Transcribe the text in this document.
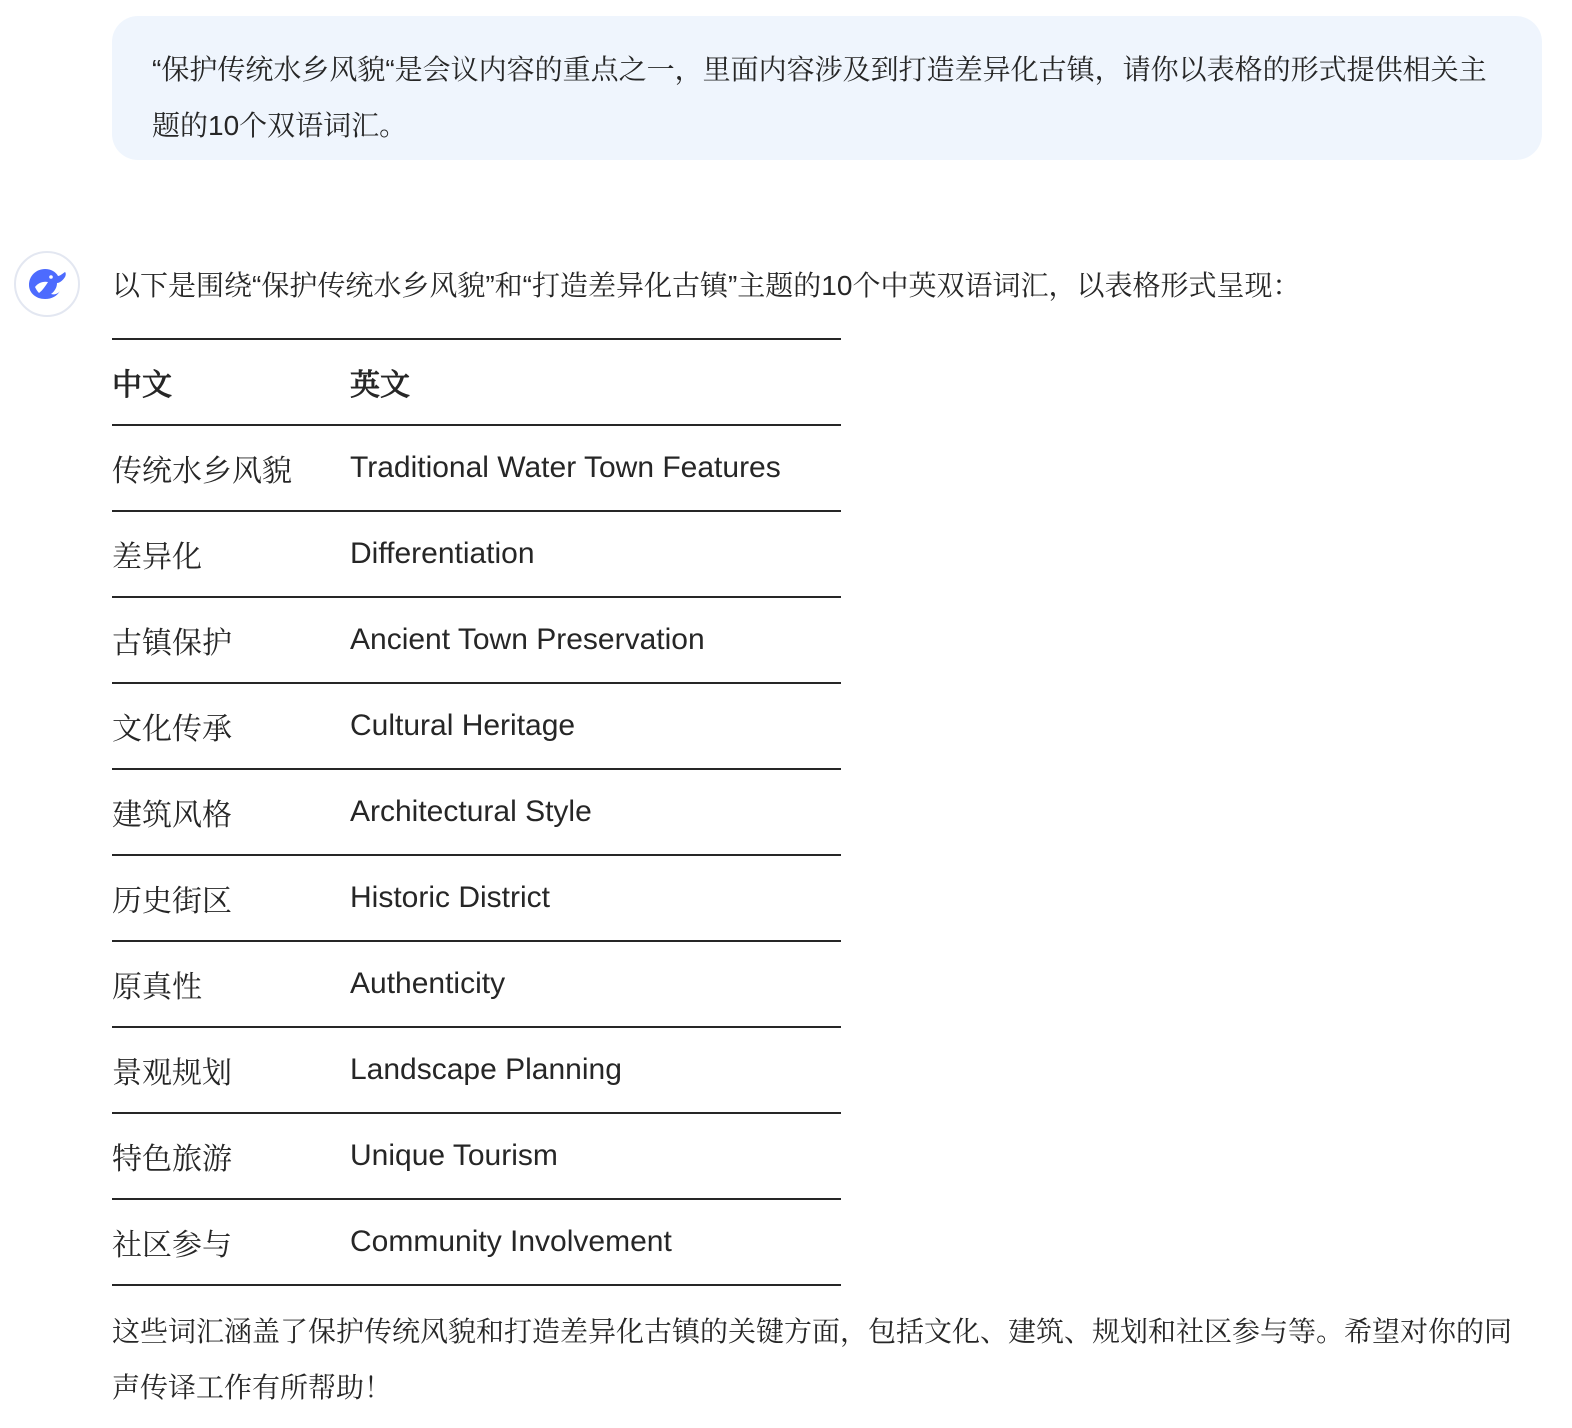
“保护传统水乡风貌“是会议内容的重点之一，里面内容涉及到打造差异化古镇，请你以表格的形式提供相关主题的10个双语词汇。

以下是围绕“保护传统水乡风貌”和“打造差异化古镇”主题的10个中英双语词汇，以表格形式呈现：

中文	英文
传统水乡风貌	Traditional Water Town Features
差异化	Differentiation
古镇保护	Ancient Town Preservation
文化传承	Cultural Heritage
建筑风格	Architectural Style
历史街区	Historic District
原真性	Authenticity
景观规划	Landscape Planning
特色旅游	Unique Tourism
社区参与	Community Involvement

这些词汇涵盖了保护传统风貌和打造差异化古镇的关键方面，包括文化、建筑、规划和社区参与等。希望对你的同声传译工作有所帮助！
